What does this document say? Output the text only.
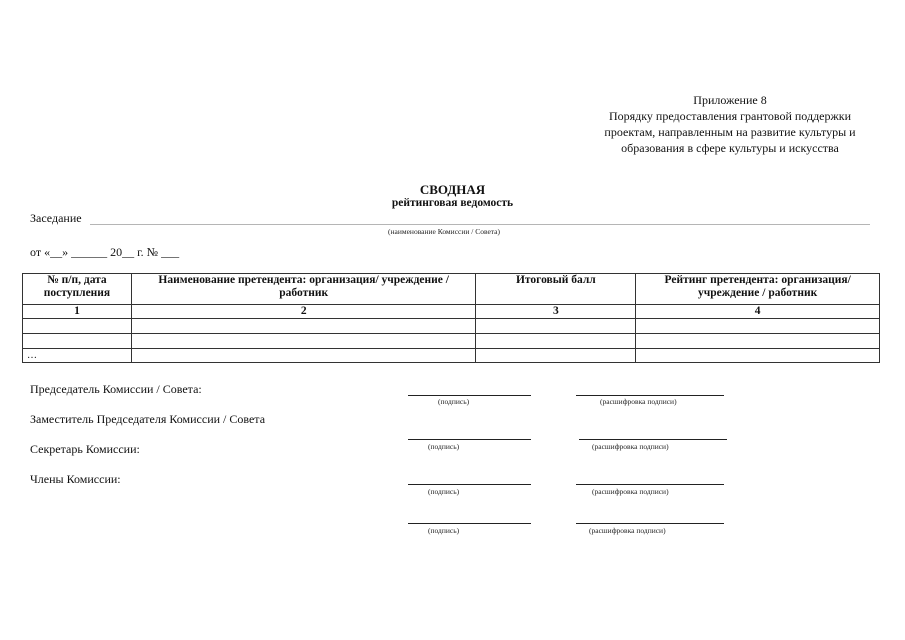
Приложение 8
Порядку предоставления грантовой поддержки
проектам, направленным на развитие культуры и
образования в сфере культуры и искусства
СВОДНАЯ
рейтинговая ведомость
Заседание
(наименование Комиссии / Совета)
от «__» ______ 20__ г. № ___
№ п/п, дата поступления	Наименование претендента: организация/ учреждение / работник	Итоговый балл	Рейтинг претендента: организация/ учреждение / работник
1	2	3	4

…			
Председатель Комиссии / Совета:
(подпись)	(расшифровка подписи)
Заместитель Председателя Комиссии / Совета
Секретарь Комиссии:	(подпись)	(расшифровка подписи)
Члены Комиссии:
(подпись)	(расшифровка подписи)
(подпись)	(расшифровка подписи)
